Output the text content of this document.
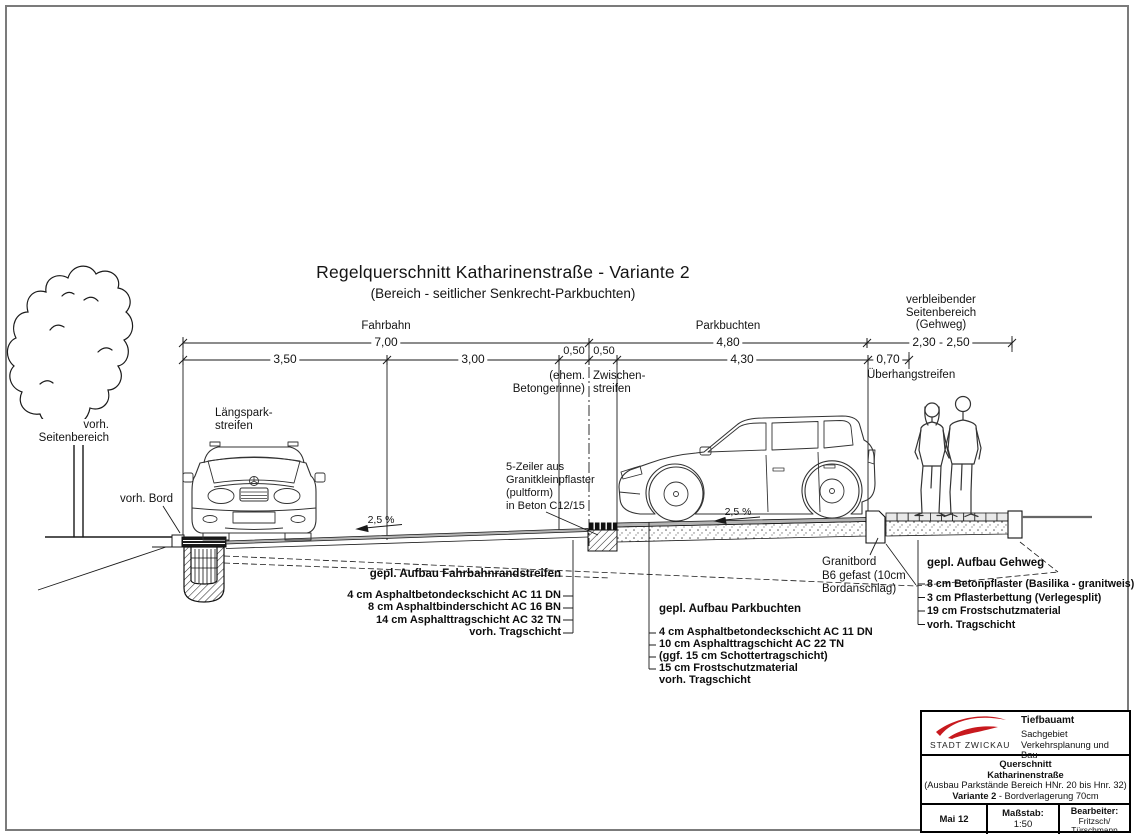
Regelquerschnitt Katharinenstraße - Variante 2
(Bereich - seitlicher Senkrecht-Parkbuchten)
Fahrbahn
7,00
Parkbuchten
4,80
verbleibender
Seitenbereich
(Gehweg)
2,30 - 2,50
3,50	3,00
0,50 0,50
4,30	0,70
(ehem.
Betongerinne)
Zwischen-
streifen
Überhangstreifen
vorh.
Seitenbereich
vorh. Bord
Längspark-
streifen
5-Zeiler aus
Granitkleinpflaster
(pultform)
in Beton C12/15
2,5 %
2,5 %
Granitbord
B6 gefast (10cm
Bordanschlag)
gepl. Aufbau Fahrbahnrandstreifen
4 cm Asphaltbetondeckschicht AC 11 DN
8 cm Asphaltbinderschicht AC 16 BN
14 cm Asphalttragschicht AC 32 TN
vorh. Tragschicht
gepl. Aufbau Parkbuchten
4 cm Asphaltbetondeckschicht AC 11 DN
10 cm Asphalttragschicht AC 22 TN
(ggf. 15 cm Schottertragschicht)
15 cm Frostschutzmaterial
vorh. Tragschicht
gepl. Aufbau Gehweg
8 cm Betonpflaster (Basilika - granitweis)
3 cm Pflasterbettung (Verlegesplit)
19 cm Frostschutzmaterial
vorh. Tragschicht
STADT ZWICKAU
Tiefbauamt
Sachgebiet
Verkehrsplanung und Bau
Querschnitt
Katharinenstraße
(Ausbau Parkstände Bereich HNr. 20 bis Hnr. 32)
Variante 2 - Bordverlagerung 70cm
Mai 12
Maßstab:
1:50
Bearbeiter:
Fritzsch/
Türschmann
